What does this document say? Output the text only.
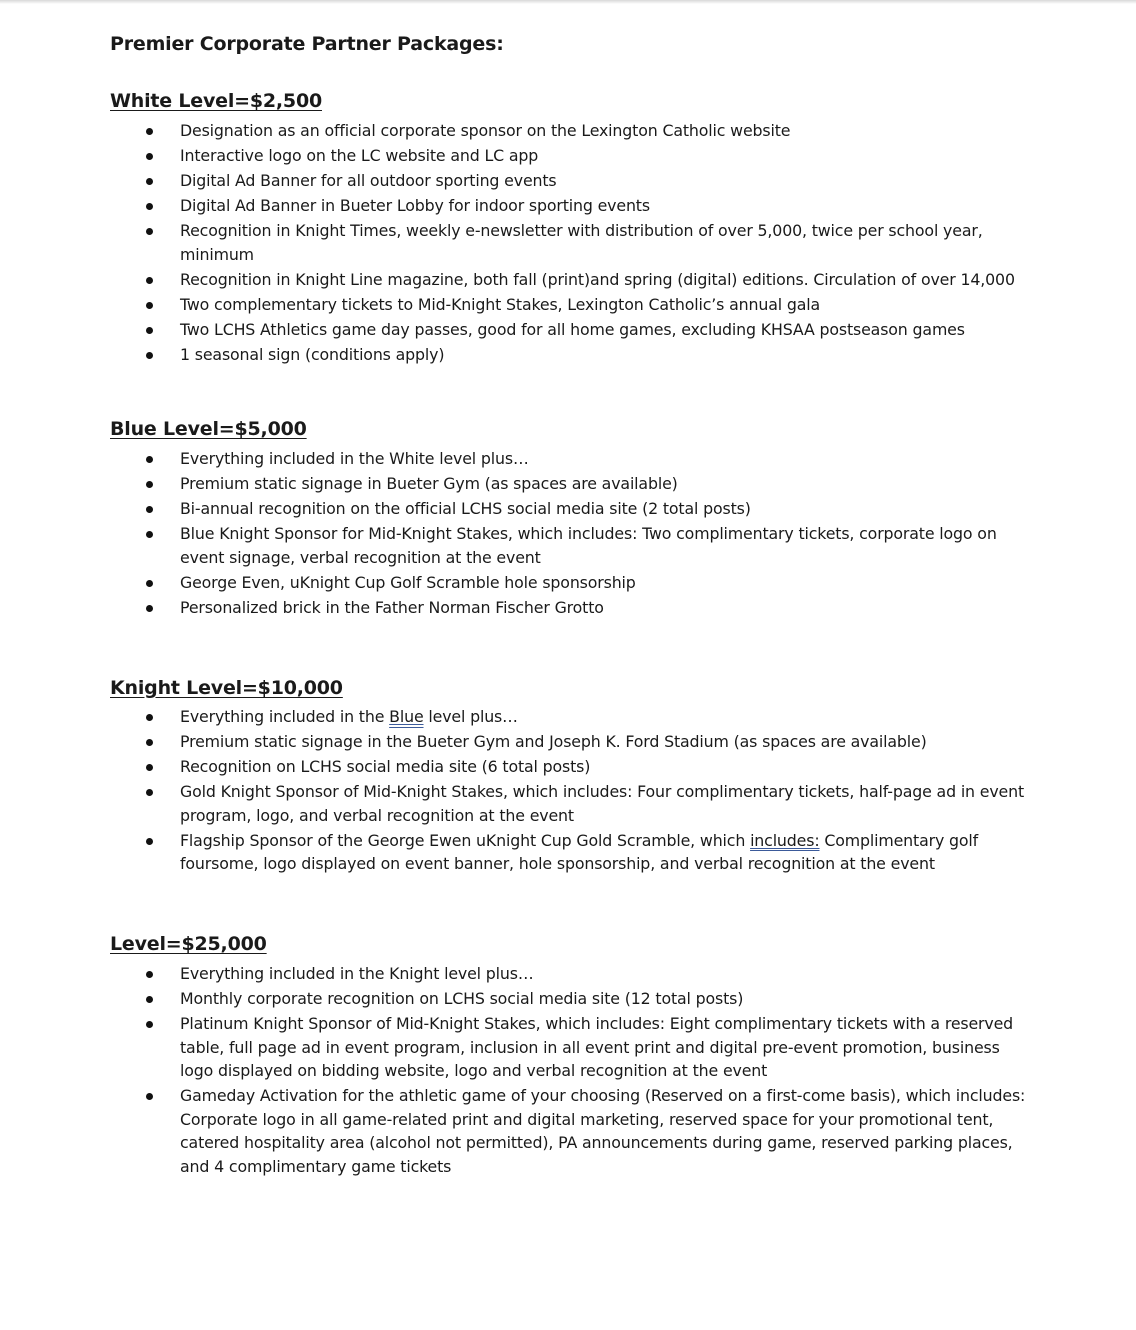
Premier Corporate Partner Packages:
White Level=$2,500
Designation as an official corporate sponsor on the Lexington Catholic website
Interactive logo on the LC website and LC app
Digital Ad Banner for all outdoor sporting events
Digital Ad Banner in Bueter Lobby for indoor sporting events
Recognition in Knight Times, weekly e-newsletter with distribution of over 5,000, twice per school year, minimum
Recognition in Knight Line magazine, both fall (print)and spring (digital) editions. Circulation of over 14,000
Two complementary tickets to Mid-Knight Stakes, Lexington Catholic’s annual gala
Two LCHS Athletics game day passes, good for all home games, excluding KHSAA postseason games
1 seasonal sign (conditions apply)
Blue Level=$5,000
Everything included in the White level plus…
Premium static signage in Bueter Gym (as spaces are available)
Bi-annual recognition on the official LCHS social media site (2 total posts)
Blue Knight Sponsor for Mid-Knight Stakes, which includes: Two complimentary tickets, corporate logo on event signage, verbal recognition at the event
George Even, uKnight Cup Golf Scramble hole sponsorship
Personalized brick in the Father Norman Fischer Grotto
Knight Level=$10,000
Everything included in the Blue level plus…
Premium static signage in the Bueter Gym and Joseph K. Ford Stadium (as spaces are available)
Recognition on LCHS social media site (6 total posts)
Gold Knight Sponsor of Mid-Knight Stakes, which includes: Four complimentary tickets, half-page ad in event program, logo, and verbal recognition at the event
Flagship Sponsor of the George Ewen uKnight Cup Gold Scramble, which includes: Complimentary golf foursome, logo displayed on event banner, hole sponsorship, and verbal recognition at the event
Level=$25,000
Everything included in the Knight level plus…
Monthly corporate recognition on LCHS social media site (12 total posts)
Platinum Knight Sponsor of Mid-Knight Stakes, which includes: Eight complimentary tickets with a reserved table, full page ad in event program, inclusion in all event print and digital pre-event promotion, business logo displayed on bidding website, logo and verbal recognition at the event
Gameday Activation for the athletic game of your choosing (Reserved on a first-come basis), which includes: Corporate logo in all game-related print and digital marketing, reserved space for your promotional tent, catered hospitality area (alcohol not permitted), PA announcements during game, reserved parking places, and 4 complimentary game tickets
